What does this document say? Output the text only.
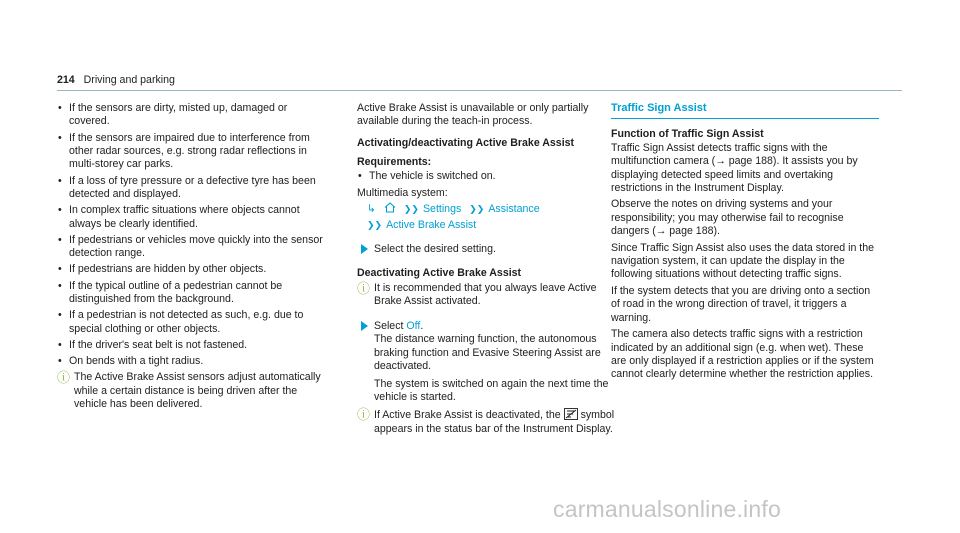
214 Driving and parking
• If the sensors are dirty, misted up, damaged or covered.
• If the sensors are impaired due to interference from other radar sources, e.g. strong radar reflections in multi-storey car parks.
• If a loss of tyre pressure or a defective tyre has been detected and displayed.
• In complex traffic situations where objects cannot always be clearly identified.
• If pedestrians or vehicles move quickly into the sensor detection range.
• If pedestrians are hidden by other objects.
• If the typical outline of a pedestrian cannot be distinguished from the background.
• If a pedestrian is not detected as such, e.g. due to special clothing or other objects.
• If the driver's seat belt is not fastened.
• On bends with a tight radius.
ⓘ The Active Brake Assist sensors adjust automatically while a certain distance is being driven after the vehicle has been delivered.
Active Brake Assist is unavailable or only partially available during the teach-in process.
Activating/deactivating Active Brake Assist
Requirements:
• The vehicle is switched on.
Multimedia system:
↳	❯❯ Settings ❯❯ Assistance
❯❯ Active Brake Assist
Select the desired setting.
Deactivating Active Brake Assist
ⓘ It is recommended that you always leave Active Brake Assist activated.
Select Off.
The distance warning function, the autonomous braking function and Evasive Steering Assist are deactivated.
The system is switched on again the next time the vehicle is started.
ⓘ If Active Brake Assist is deactivated, the symbol appears in the status bar of the Instrument Display.
Traffic Sign Assist
Function of Traffic Sign Assist
Traffic Sign Assist detects traffic signs with the multifunction camera (→ page 188). It assists you by displaying detected speed limits and overtaking restrictions in the Instrument Display.
Observe the notes on driving systems and your responsibility; you may otherwise fail to recognise dangers (→ page 188).
Since Traffic Sign Assist also uses the data stored in the navigation system, it can update the display in the following situations without detecting traffic signs.
If the system detects that you are driving onto a section of road in the wrong direction of travel, it triggers a warning.
The camera also detects traffic signs with a restriction indicated by an additional sign (e.g. when wet). These are only displayed if a restriction applies or if the system cannot clearly determine whether the restriction applies.
carmanualsonline.info
